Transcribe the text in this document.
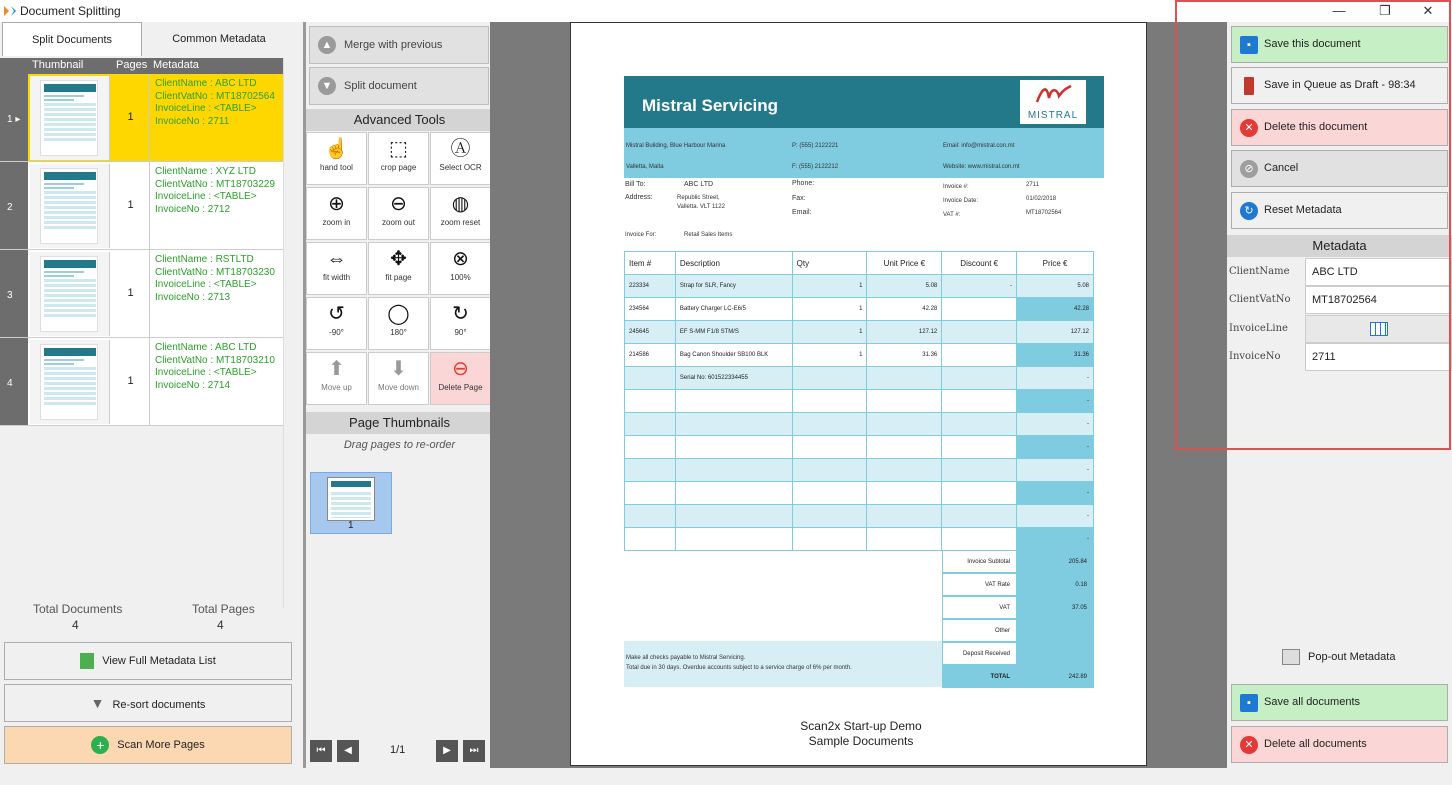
Document Splitting	—	❐	✕
Split Documents	Common Metadata
Thumbnail	Pages Metadata
1 ▸	1
ClientName : ABC LTD
ClientVatNo : MT18702564
InvoiceLine : <TABLE>
InvoiceNo : 2711
2	1
ClientName : XYZ LTD
ClientVatNo : MT18703229
InvoiceLine : <TABLE>
InvoiceNo : 2712
3	1
ClientName : RSTLTD
ClientVatNo : MT18703230
InvoiceLine : <TABLE>
InvoiceNo : 2713
4	1
ClientName : ABC LTD
ClientVatNo : MT18703210
InvoiceLine : <TABLE>
InvoiceNo : 2714
Total Documents
4
Total Pages
4
View Full Metadata List
▼ Re-sort documents
+ Scan More Pages
▲	Merge with previous
▼	Split document
Advanced Tools
☝
hand tool
⬚
crop page
Ⓐ
Select OCR
⊕
zoom in
⊖
zoom out
◍
zoom reset
⇔
fit width
✥
fit page
⊗
100%
↺
-90°
◯
180°
↻
90°
⬆
Move up
⬇
Move down
⊖
Delete Page
Page Thumbnails
Drag pages to re-order
1
⏮	◀	1/1	▶	⏭
Mistral Servicing
MISTRAL
Mistral Building, Blue Harbour Marina
Valletta, Malta
P: (555) 2122221
F: (555) 2122212
Email: info@mistral.con.mt
Website: www.mistral.con.mt
Bill To:	ABC LTD
Address:	Republic Street,
Valletta. VLT 1122
Phone:
Fax:
Email:
Invoice #:	2711
Invoice Date:	01/02/2018
VAT #:	MT18702564
Invoice For:	Retail Sales Items
Item #	Description	Qty	Unit Price €	Discount €	Price €
223334	Strap for SLR, Fancy	1	5.08	-	5.08
234564	Battery Charger LC-E6/5	1	42.28		42.28
245645	EF S-MM F1/8 STM/S	1	127.12		127.12
214586	Bag Canon Shoulder SB100 BLK	1	31.36		31.36
	Serial No: 601522334455				-
					-
					-
					-
					-
					-
					-
					-
Invoice Subtotal	205.84
VAT Rate	0.18
VAT	37.05
Other
Deposit Received
TOTAL	242.89
Make all checks payable to Mistral Servicing.
Total due in 30 days. Overdue accounts subject to a service charge of 6% per month.
Scan2x Start-up Demo
Sample Documents
▪	Save this document
Save in Queue as Draft - 98:34
✕ Delete this document
⊘ Cancel
↻ Reset Metadata
Metadata
ClientName	ABC LTD
ClientVatNo	MT18702564
InvoiceLine
InvoiceNo	2711
Pop-out Metadata
▪	Save all documents
✕ Delete all documents
